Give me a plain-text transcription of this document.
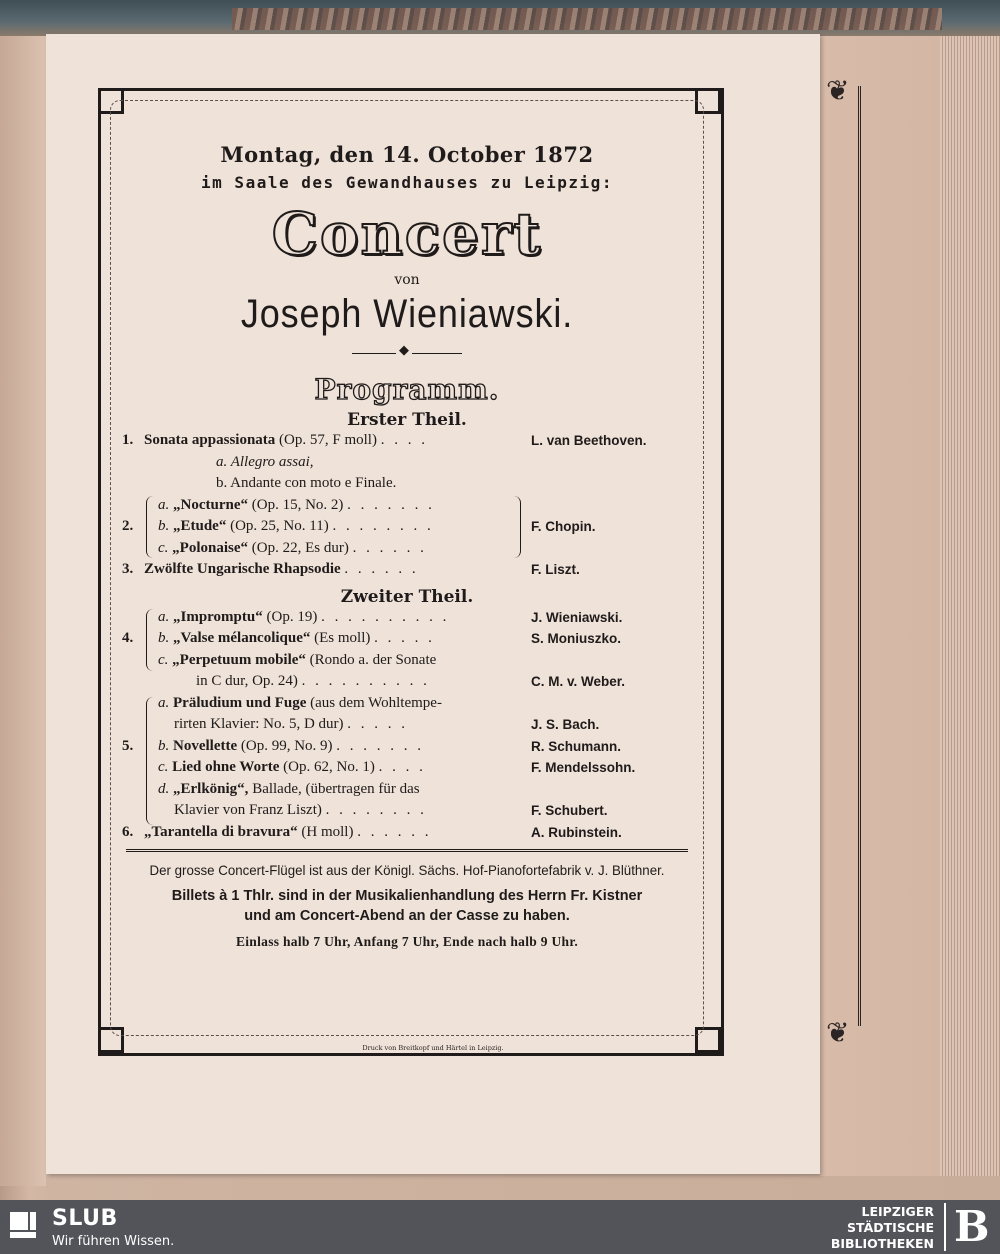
❦
❦
Montag, den 14. October 1872
im Saale des Gewandhauses zu Leipzig:
Concert
von
Joseph Wieniawski.
◆
Programm.
Erster Theil.
1. Sonata appassionata (Op. 57, F moll) . . . .	L. van Beethoven.
a. Allegro assai,
b. Andante con moto e Finale.
a. „Nocturne“ (Op. 15, No. 2) . . . . . . .
2. b. „Etude“ (Op. 25, No. 11) . . . . . . . .	F. Chopin.
c. „Polonaise“ (Op. 22, Es dur) . . . . . .
3. Zwölfte Ungarische Rhapsodie . . . . . .	F. Liszt.
Zweiter Theil.
a. „Impromptu“ (Op. 19) . . . . . . . . . .	J. Wieniawski.
4. b. „Valse mélancolique“ (Es moll) . . . . .	S. Moniuszko.
c. „Perpetuum mobile“ (Rondo a. der Sonate
in C dur, Op. 24) . . . . . . . . . .	C. M. v. Weber.
a. Präludium und Fuge (aus dem Wohltempe-
rirten Klavier: No. 5, D dur) . . . . .	J. S. Bach.
5. b. Novellette (Op. 99, No. 9) . . . . . . .	R. Schumann.
c. Lied ohne Worte (Op. 62, No. 1) . . . .	F. Mendelssohn.
d. „Erlkönig“, Ballade, (übertragen für das
Klavier von Franz Liszt) . . . . . . . .	F. Schubert.
6. „Tarantella di bravura“ (H moll) . . . . . .	A. Rubinstein.
Der grosse Concert-Flügel ist aus der Königl. Sächs. Hof-Pianofortefabrik v. J. Blüthner.
Billets à 1 Thlr. sind in der Musikalienhandlung des Herrn Fr. Kistner
und am Concert-Abend an der Casse zu haben.
Einlass halb 7 Uhr, Anfang 7 Uhr, Ende nach halb 9 Uhr.
Druck von Breitkopf und Härtel in Leipzig.
SLUB
Wir führen Wissen.
LEIPZIGER
STÄDTISCHE
BIBLIOTHEKEN B
